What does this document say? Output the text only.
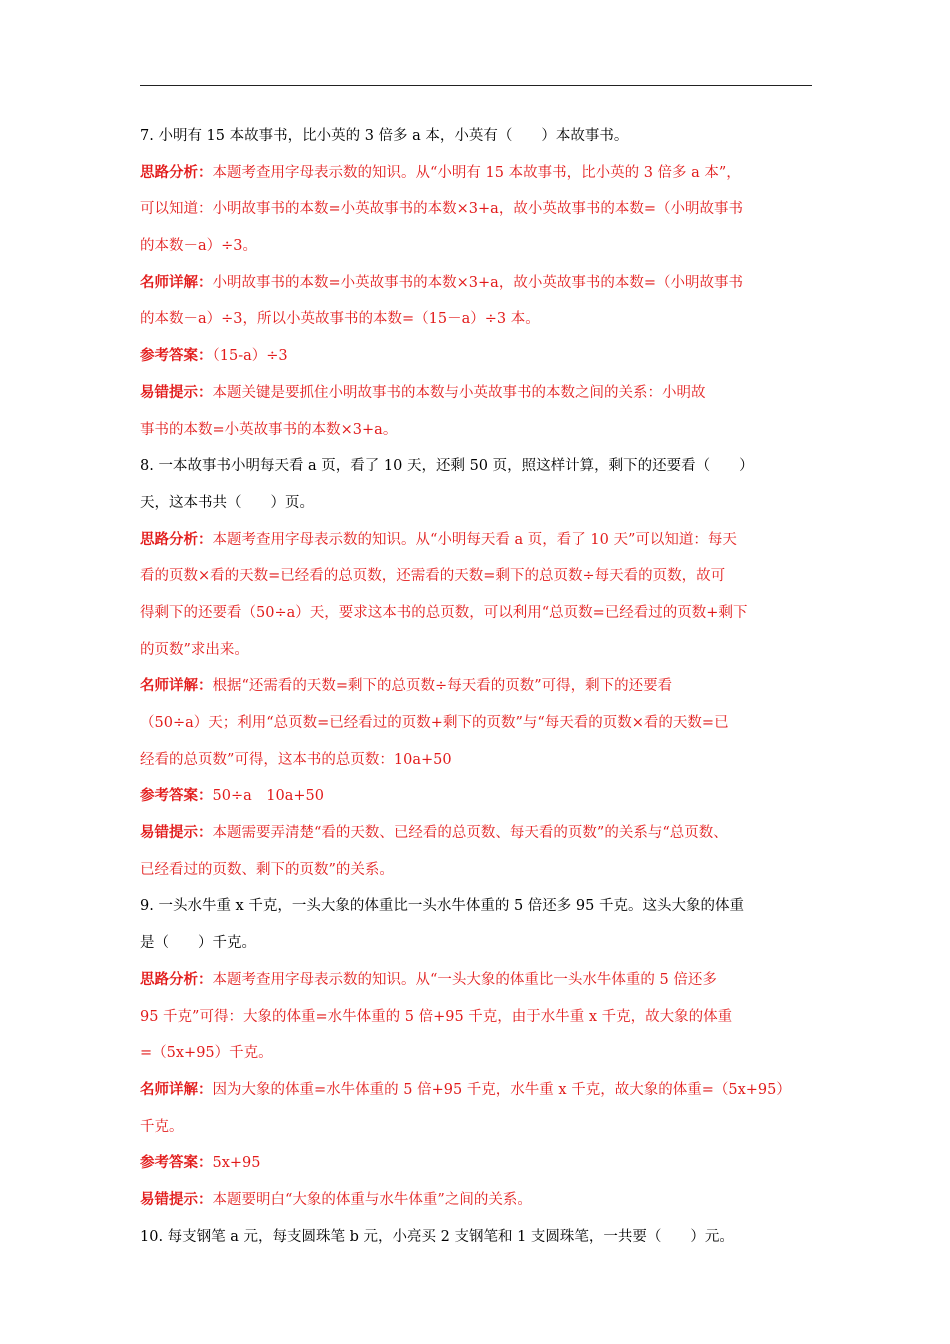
7. 小明有 15 本故事书，比小英的 3 倍多 a 本，小英有（　　）本故事书。
思路分析：本题考查用字母表示数的知识。从“小明有 15 本故事书，比小英的 3 倍多 a 本”，
可以知道：小明故事书的本数=小英故事书的本数×3+a，故小英故事书的本数=（小明故事书
的本数－a）÷3。
名师详解：小明故事书的本数=小英故事书的本数×3+a，故小英故事书的本数=（小明故事书
的本数－a）÷3，所以小英故事书的本数=（15－a）÷3 本。
参考答案：（15-a）÷3
易错提示：本题关键是要抓住小明故事书的本数与小英故事书的本数之间的关系：小明故
事书的本数=小英故事书的本数×3+a。
8. 一本故事书小明每天看 a 页，看了 10 天，还剩 50 页，照这样计算，剩下的还要看（　　）
天，这本书共（　　）页。
思路分析：本题考查用字母表示数的知识。从“小明每天看 a 页，看了 10 天”可以知道：每天
看的页数×看的天数=已经看的总页数，还需看的天数=剩下的总页数÷每天看的页数，故可
得剩下的还要看（50÷a）天，要求这本书的总页数，可以利用“总页数=已经看过的页数+剩下
的页数”求出来。
名师详解：根据“还需看的天数=剩下的总页数÷每天看的页数”可得，剩下的还要看
（50÷a）天；利用“总页数=已经看过的页数+剩下的页数”与“每天看的页数×看的天数=已
经看的总页数”可得，这本书的总页数：10a+50
参考答案：50÷a　10a+50
易错提示：本题需要弄清楚“看的天数、已经看的总页数、每天看的页数”的关系与“总页数、
已经看过的页数、剩下的页数”的关系。
9. 一头水牛重 x 千克，一头大象的体重比一头水牛体重的 5 倍还多 95 千克。这头大象的体重
是（　　）千克。
思路分析：本题考查用字母表示数的知识。从“一头大象的体重比一头水牛体重的 5 倍还多
95 千克”可得：大象的体重=水牛体重的 5 倍+95 千克，由于水牛重 x 千克，故大象的体重
=（5x+95）千克。
名师详解：因为大象的体重=水牛体重的 5 倍+95 千克，水牛重 x 千克，故大象的体重=（5x+95）
千克。
参考答案：5x+95
易错提示：本题要明白“大象的体重与水牛体重”之间的关系。
10. 每支钢笔 a 元，每支圆珠笔 b 元，小亮买 2 支钢笔和 1 支圆珠笔，一共要（　　）元。
